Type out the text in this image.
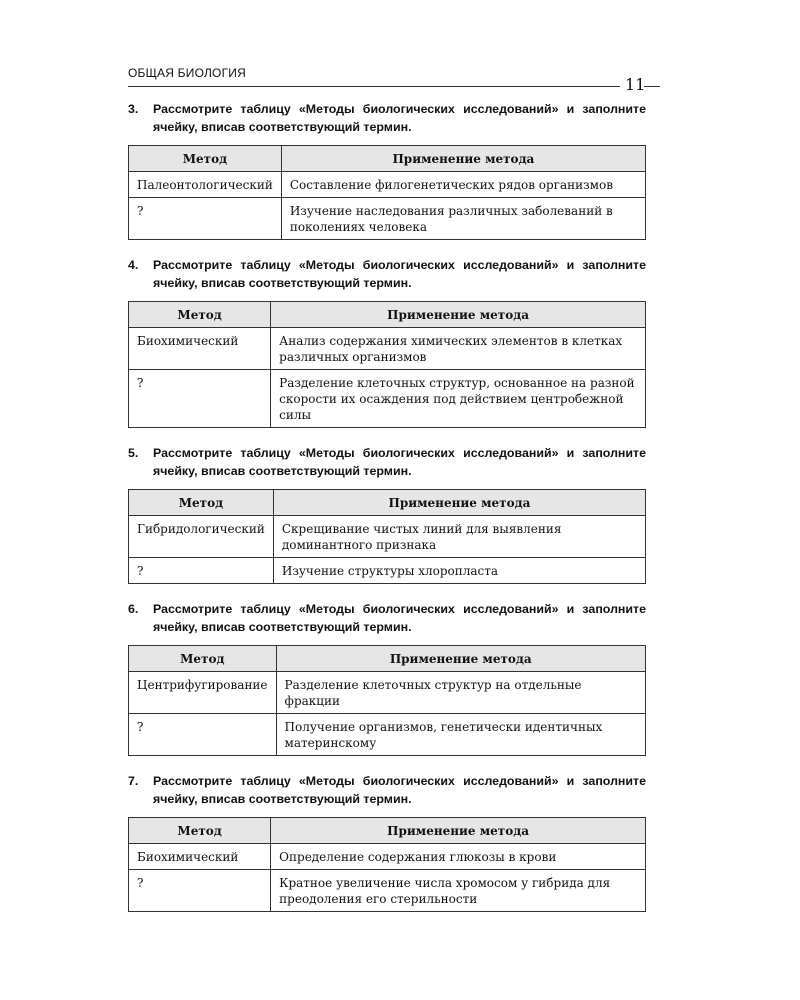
ОБЩАЯ БИОЛОГИЯ
11
3. Рассмотрите таблицу «Методы биологических исследований» и заполните ячейку, вписав соответствующий термин.
Метод	Применение метода
Палеонтологический	Составление филогенетических рядов организмов
?	Изучение наследования различных заболеваний в поколениях человека
4. Рассмотрите таблицу «Методы биологических исследований» и заполните ячейку, вписав соответствующий термин.
Метод	Применение метода
Биохимический	Анализ содержания химических элементов в клетках различных организмов
?	Разделение клеточных структур, основанное на разной скорости их осаждения под действием центробежной силы
5. Рассмотрите таблицу «Методы биологических исследований» и заполните ячейку, вписав соответствующий термин.
Метод	Применение метода
Гибридологический	Скрещивание чистых линий для выявления доминантного признака
?	Изучение структуры хлоропласта
6. Рассмотрите таблицу «Методы биологических исследований» и заполните ячейку, вписав соответствующий термин.
Метод	Применение метода
Центрифугирование	Разделение клеточных структур на отдельные фракции
?	Получение организмов, генетически идентичных материнскому
7. Рассмотрите таблицу «Методы биологических исследований» и заполните ячейку, вписав соответствующий термин.
Метод	Применение метода
Биохимический	Определение содержания глюкозы в крови
?	Кратное увеличение числа хромосом у гибрида для преодоления его стерильности
